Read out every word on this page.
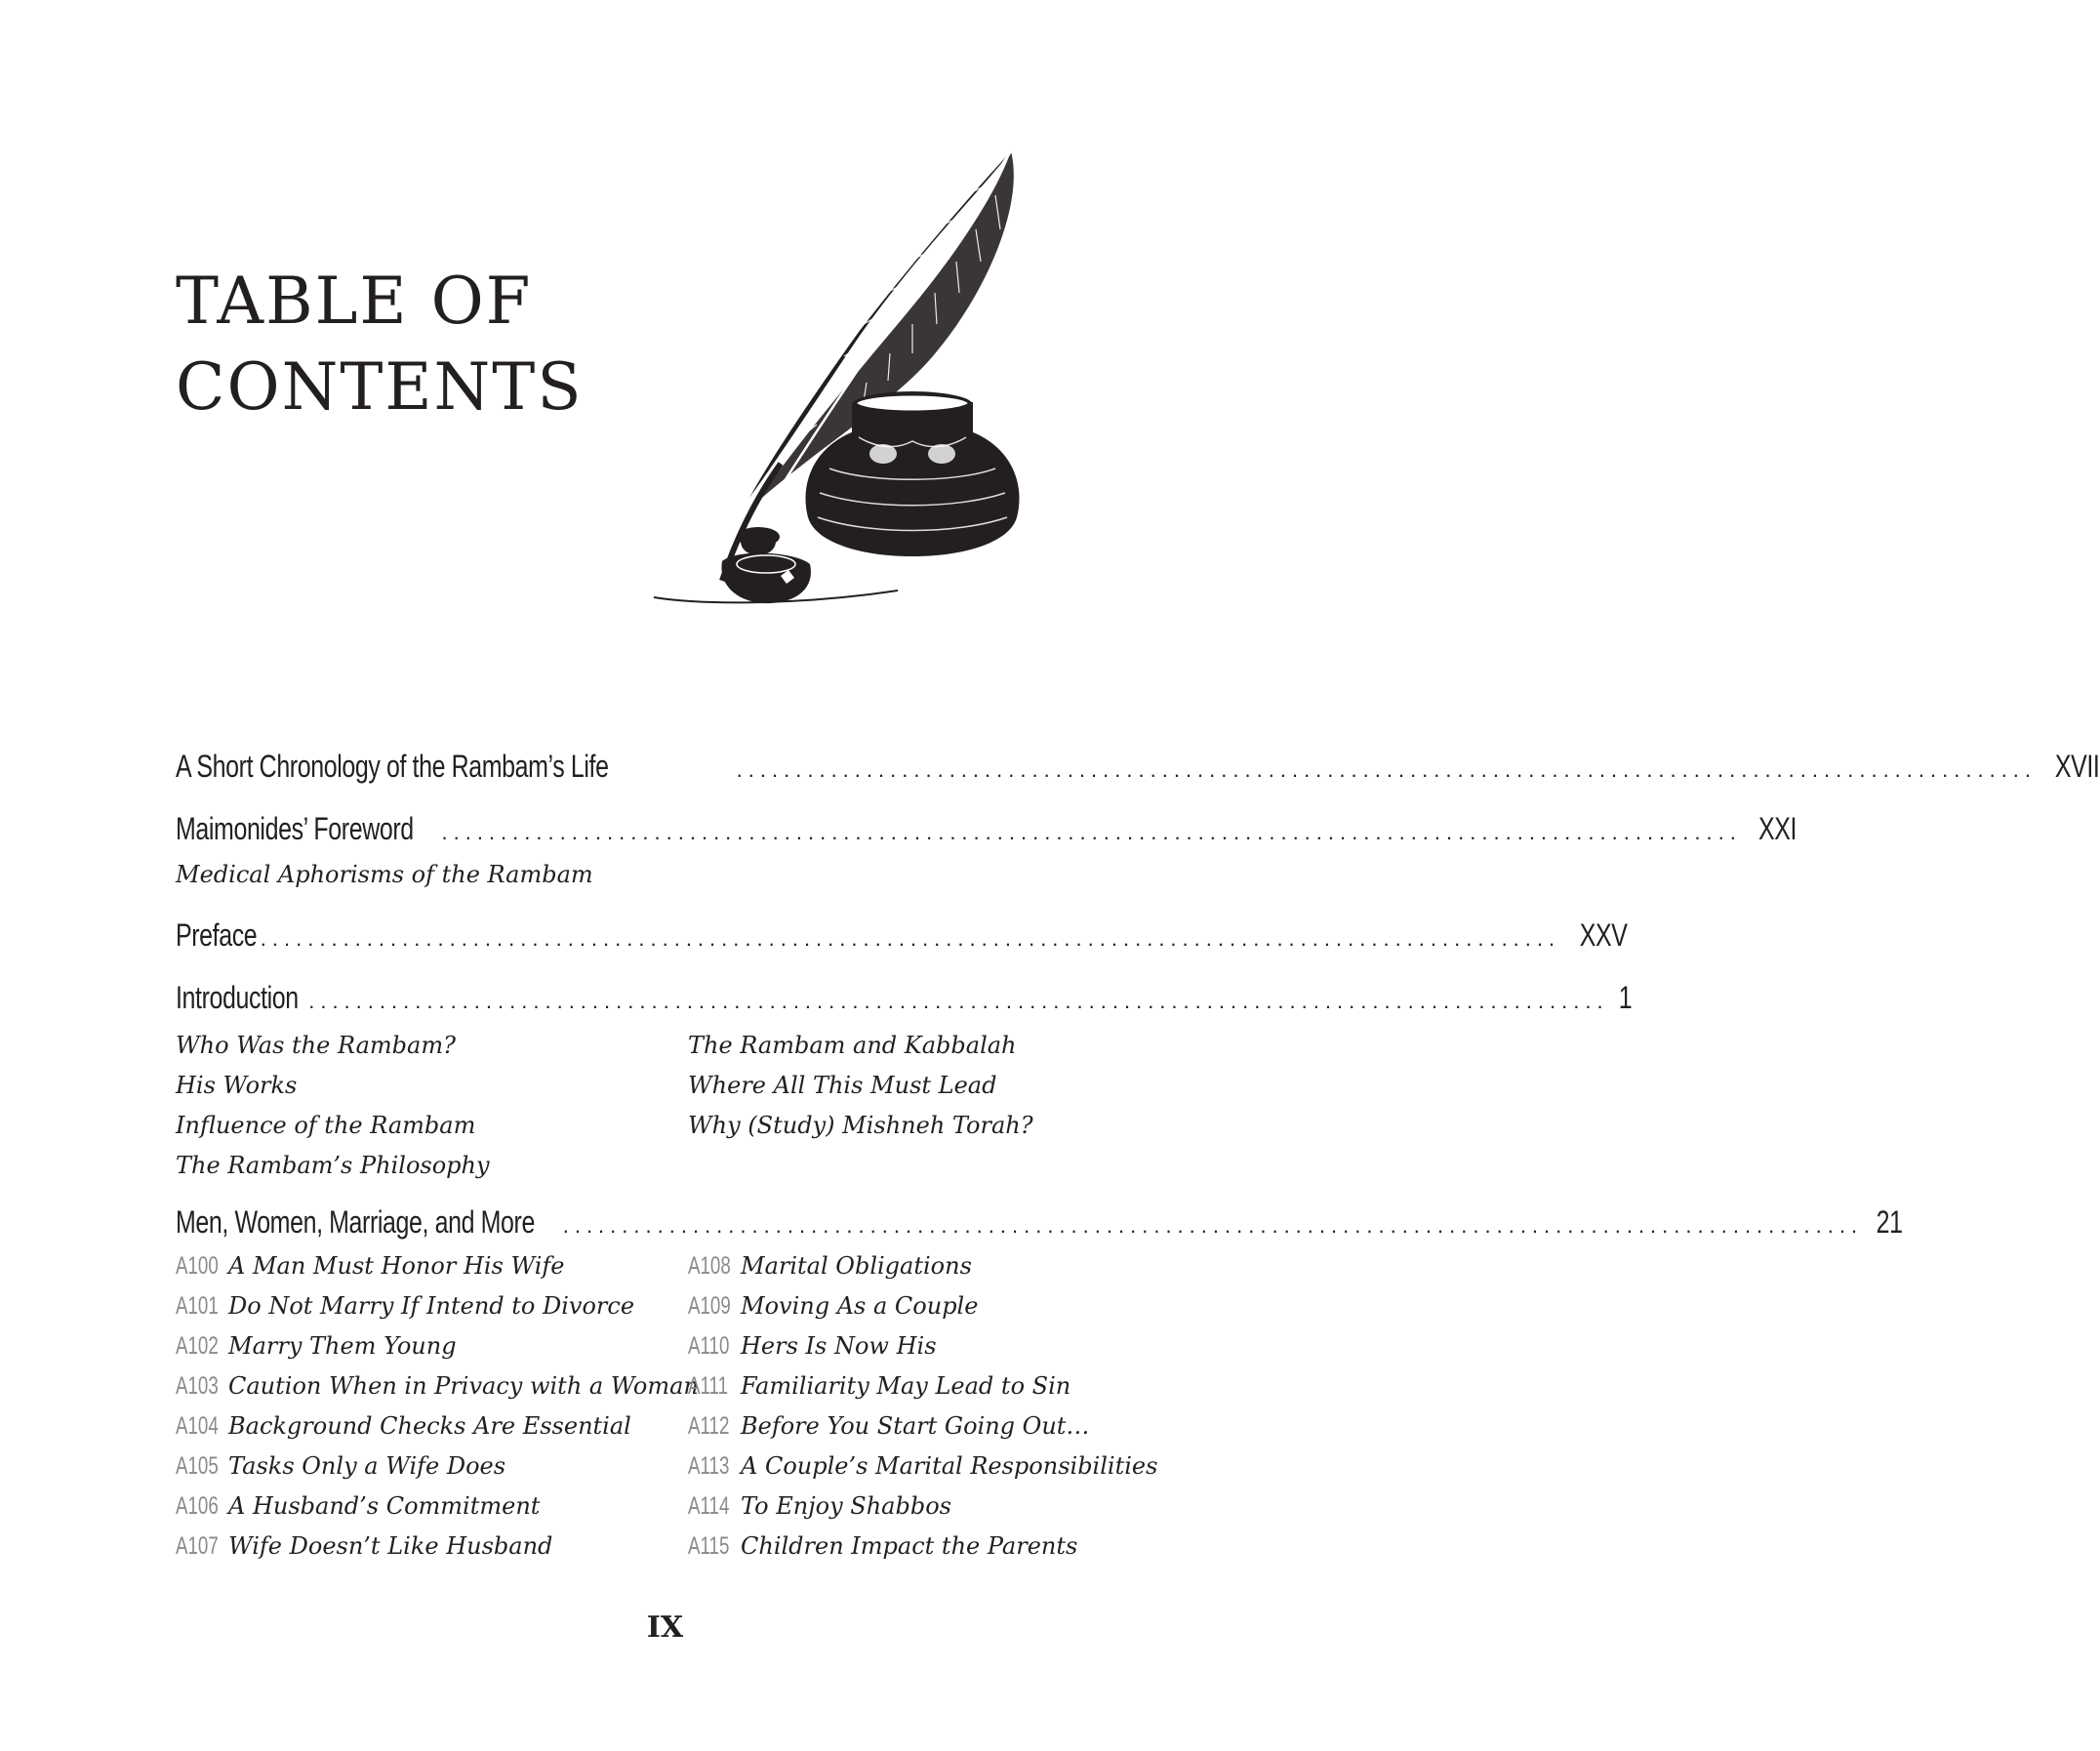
TABLE OF
CONTENTS
A Short Chronology of the Rambam’s Life	.............................................................................................................. XVII
Maimonides’ Foreword	.............................................................................................................. XXI
Medical Aphorisms of the Rambam
Preface .............................................................................................................. XXV
Introduction .............................................................................................................. 1
Who Was the Rambam?
His Works
Influence of the Rambam
The Rambam’s Philosophy
The Rambam and Kabbalah
Where All This Must Lead
Why (Study) Mishneh Torah?
Men, Women, Marriage, and More	.............................................................................................................. 21
A100 A Man Must Honor His Wife
A101 Do Not Marry If Intend to Divorce
A102 Marry Them Young
A103 Caution When in Privacy with a Woman
A104 Background Checks Are Essential
A105 Tasks Only a Wife Does
A106 A Husband’s Commitment
A107 Wife Doesn’t Like Husband
A108 Marital Obligations
A109 Moving As a Couple
A110 Hers Is Now His
A111 Familiarity May Lead to Sin
A112 Before You Start Going Out…
A113 A Couple’s Marital Responsibilities
A114 To Enjoy Shabbos
A115 Children Impact the Parents
IX
